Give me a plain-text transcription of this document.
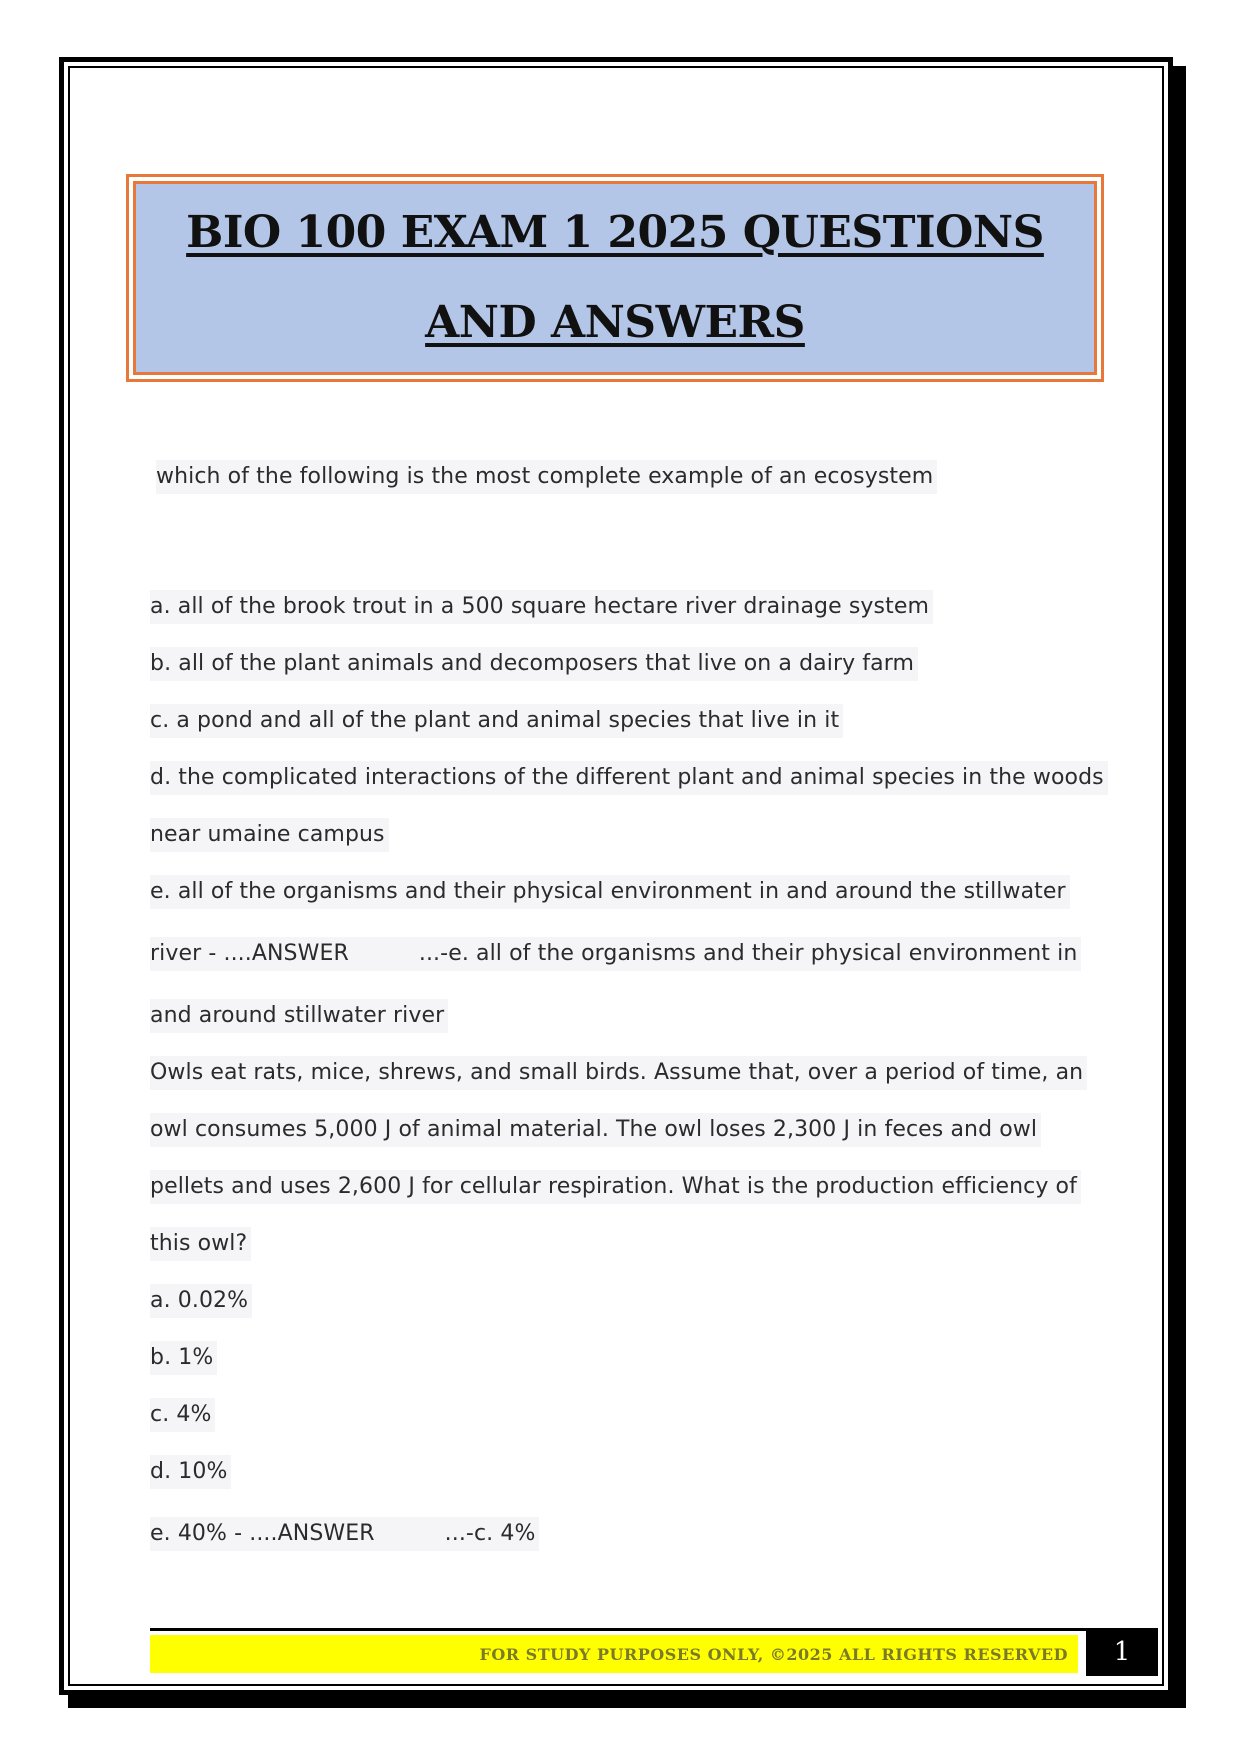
BIO 100 EXAM 1 2025 QUESTIONS
AND ANSWERS
which of the following is the most complete example of an ecosystem
a. all of the brook trout in a 500 square hectare river drainage system
b. all of the plant animals and decomposers that live on a dairy farm
c. a pond and all of the plant and animal species that live in it
d. the complicated interactions of the different plant and animal species in the woods
near umaine campus
e. all of the organisms and their physical environment in and around the stillwater
river - ....ANSWER	...-e. all of the organisms and their physical environment in
and around stillwater river
Owls eat rats, mice, shrews, and small birds. Assume that, over a period of time, an
owl consumes 5,000 J of animal material. The owl loses 2,300 J in feces and owl
pellets and uses 2,600 J for cellular respiration. What is the production efficiency of
this owl?
a. 0.02%
b. 1%
c. 4%
d. 10%
e. 40% - ....ANSWER	...-c. 4%
FOR STUDY PURPOSES ONLY, ©2025 ALL RIGHTS RESERVED	1
